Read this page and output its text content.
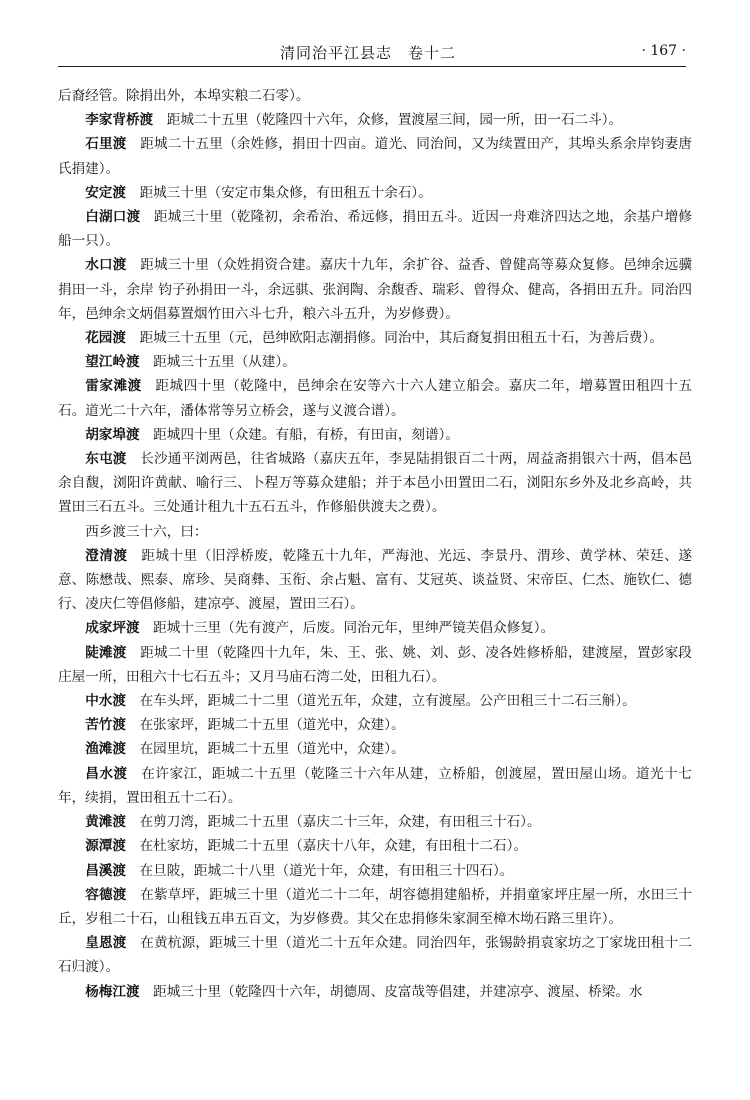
清同治平江县志　卷十二	· 167 ·

后裔经管。除捐出外，本埠实粮二石零）。

李家背桥渡 距城二十五里（乾隆四十六年，众修，置渡屋三间，园一所，田一石二斗）。

石里渡 距城二十五里（余姓修，捐田十四亩。道光、同治间，又为续置田产，其埠头系余岸钧妻唐氏捐建）。

安定渡 距城三十里（安定市集众修，有田租五十余石）。

白湖口渡 距城三十里（乾隆初，余希治、希远修，捐田五斗。近因一舟难济四达之地，余基户增修船一只）。

水口渡 距城三十里（众姓捐资合建。嘉庆十九年，余扩谷、益香、曾健高等募众复修。邑绅余远骥捐田一斗，余岸 钧子孙捐田一斗，余远骐、张润陶、余馥香、瑞彩、曾得众、健高，各捐田五升。同治四年，邑绅余文炳倡募置烟竹田六斗七升，粮六斗五升，为岁修费）。

花园渡 距城三十五里（元，邑绅欧阳志潮捐修。同治中，其后裔复捐田租五十石，为善后费）。

望江岭渡 距城三十五里（从建）。

雷家滩渡 距城四十里（乾隆中，邑绅余在安等六十六人建立船会。嘉庆二年，增募置田租四十五石。道光二十六年，潘体常等另立桥会，遂与义渡合谱）。

胡家埠渡 距城四十里（众建。有船，有桥，有田亩，刻谱）。

东屯渡 长沙通平浏两邑，往省城路（嘉庆五年，李晃陆捐银百二十两，周益斋捐银六十两，倡本邑余自馥，浏阳许黄献、喻行三、卜程万等募众建船；并于本邑小田置田二石，浏阳东乡外及北乡高岭，共置田三石五斗。三处通计租九十五石五斗，作修船供渡夫之费）。

西乡渡三十六，曰：

澄清渡 距城十里（旧浮桥废，乾隆五十九年，严海池、光远、李景丹、渭珍、黄学林、荣廷、遂意、陈懋哉、熙泰、席珍、吴商彝、玉衔、余占魁、富有、艾冠英、谈益贤、宋帝臣、仁杰、施钦仁、德行、凌庆仁等倡修船，建凉亭、渡屋，置田三石）。

成家坪渡 距城十三里（先有渡产，后废。同治元年，里绅严镜芙倡众修复）。

陡滩渡 距城二十里（乾隆四十九年，朱、王、张、姚、刘、彭、凌各姓修桥船，建渡屋，置彭家段庄屋一所，田租六十七石五斗；又月马庙石湾二处，田租九石）。

中水渡 在车头坪，距城二十二里（道光五年，众建，立有渡屋。公产田租三十二石三斛）。

苦竹渡 在张家坪，距城二十五里（道光中，众建）。

渔滩渡 在园里坑，距城二十五里（道光中，众建）。

昌水渡 在许家江，距城二十五里（乾隆三十六年从建，立桥船，创渡屋，置田屋山场。道光十七年，续捐，置田租五十二石）。

黄滩渡 在剪刀湾，距城二十五里（嘉庆二十三年，众建，有田租三十石）。

源潭渡 在杜家坊，距城二十五里（嘉庆十八年，众建，有田租十二石）。

昌溪渡 在旦陂，距城二十八里（道光十年，众建，有田租三十四石）。

容德渡 在紫草坪，距城三十里（道光二十二年，胡容德捐建船桥，并捐童家坪庄屋一所，水田三十丘，岁租二十石，山租钱五串五百文，为岁修费。其父在忠捐修朱家洞至樟木坳石路三里许）。

皇恩渡 在黄杭源，距城三十里（道光二十五年众建。同治四年，张锡龄捐袁家坊之丁家垅田租十二石归渡）。

杨梅江渡 距城三十里（乾隆四十六年，胡德周、皮富哉等倡建，并建凉亭、渡屋、桥梁。水
